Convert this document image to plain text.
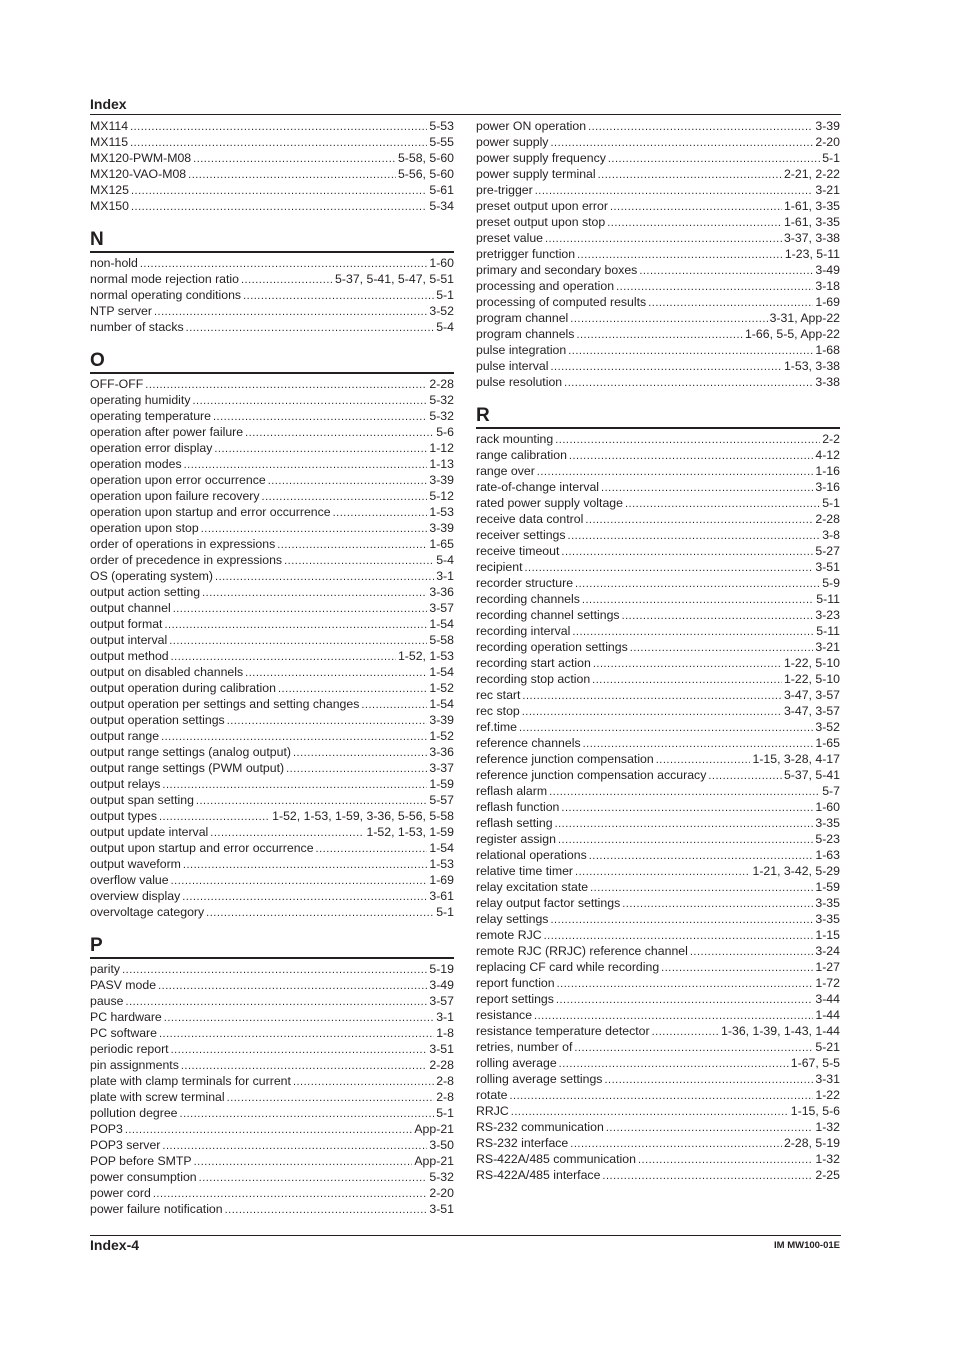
Index
MX114 .....	5-53
MX115 .....	5-55
MX120-PWM-M08 .....	5-58, 5-60
MX120-VAO-M08 .....	5-56, 5-60
MX125 .....	5-61
MX150 .....	5-34
N
non-hold .....	1-60
normal mode rejection ratio .....	5-37, 5-41, 5-47, 5-51
normal operating conditions .....	5-1
NTP server .....	3-52
number of stacks .....	5-4
O
OFF-OFF .....	2-28
operating humidity .....	5-32
operating temperature .....	5-32
operation after power failure .....	5-6
operation error display .....	1-12
operation modes .....	1-13
operation upon error occurrence .....	3-39
operation upon failure recovery .....	5-12
operation upon startup and error occurrence .....	1-53
operation upon stop .....	3-39
order of operations in expressions .....	1-65
order of precedence in expressions .....	5-4
OS (operating system) .....	3-1
output action setting .....	3-36
output channel .....	3-57
output format .....	1-54
output interval .....	5-58
output method .....	1-52, 1-53
output on disabled channels .....	1-54
output operation during calibration .....	1-52
output operation per settings and setting changes .....	1-54
output operation settings .....	3-39
output range .....	1-52
output range settings (analog output) .....	3-36
output range settings (PWM output) .....	3-37
output relays .....	1-59
output span setting .....	5-57
output types .....	1-52, 1-53, 1-59, 3-36, 5-56, 5-58
output update interval .....	1-52, 1-53, 1-59
output upon startup and error occurrence .....	1-54
output waveform .....	1-53
overflow value .....	1-69
overview display .....	3-61
overvoltage category .....	5-1
P
parity .....	5-19
PASV mode .....	3-49
pause .....	3-57
PC hardware .....	3-1
PC software .....	1-8
periodic report .....	3-51
pin assignments .....	2-28
plate with clamp terminals for current .....	2-8
plate with screw terminal .....	2-8
pollution degree .....	5-1
POP3 .....	App-21
POP3 server .....	3-50
POP before SMTP .....	App-21
power consumption .....	5-32
power cord .....	2-20
power failure notification .....	3-51
power ON operation .....	3-39
power supply .....	2-20
power supply frequency .....	5-1
power supply terminal .....	2-21, 2-22
pre-trigger .....	3-21
preset output upon error .....	1-61, 3-35
preset output upon stop .....	1-61, 3-35
preset value .....	3-37, 3-38
pretrigger function .....	1-23, 5-11
primary and secondary boxes .....	3-49
processing and operation .....	3-18
processing of computed results .....	1-69
program channel .....	3-31, App-22
program channels .....	1-66, 5-5, App-22
pulse integration .....	1-68
pulse interval .....	1-53, 3-38
pulse resolution .....	3-38
R
rack mounting .....	2-2
range calibration .....	4-12
range over .....	1-16
rate-of-change interval .....	3-16
rated power supply voltage .....	5-1
receive data control .....	2-28
receiver settings .....	3-8
receive timeout .....	5-27
recipient .....	3-51
recorder structure .....	5-9
recording channels .....	5-11
recording channel settings .....	3-23
recording interval .....	5-11
recording operation settings .....	3-21
recording start action .....	1-22, 5-10
recording stop action .....	1-22, 5-10
rec start .....	3-47, 3-57
rec stop .....	3-47, 3-57
ref.time .....	3-52
reference channels .....	1-65
reference junction compensation .....	1-15, 3-28, 4-17
reference junction compensation accuracy .....	5-37, 5-41
reflash alarm .....	5-7
reflash function .....	1-60
reflash setting .....	3-35
register assign .....	5-23
relational operations .....	1-63
relative time timer .....	1-21, 3-42, 5-29
relay excitation state .....	1-59
relay output factor settings .....	3-35
relay settings .....	3-35
remote RJC .....	1-15
remote RJC (RRJC) reference channel .....	3-24
replacing CF card while recording .....	1-27
report function .....	1-72
report settings .....	3-44
resistance .....	1-44
resistance temperature detector .....	1-36, 1-39, 1-43, 1-44
retries, number of .....	5-21
rolling average .....	1-67, 5-5
rolling average settings .....	3-31
rotate .....	1-22
RRJC .....	1-15, 5-6
RS-232 communication .....	1-32
RS-232 interface .....	2-28, 5-19
RS-422A/485 communication .....	1-32
RS-422A/485 interface .....	2-25
Index-4	IM MW100-01E
